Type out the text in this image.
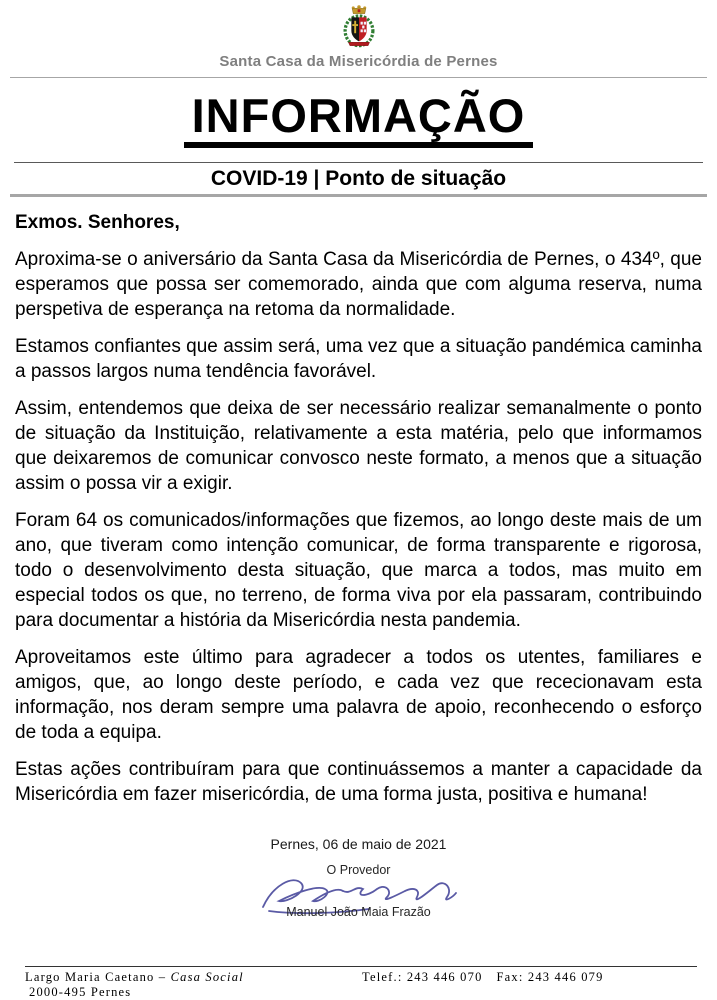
Santa Casa da Misericórdia de Pernes
INFORMAÇÃO
COVID-19 | Ponto de situação

Exmos. Senhores,

Aproxima-se o aniversário da Santa Casa da Misericórdia de Pernes, o 434º, que esperamos que possa ser comemorado, ainda que com alguma reserva, numa perspetiva de esperança na retoma da normalidade.

Estamos confiantes que assim será, uma vez que a situação pandémica caminha a passos largos numa tendência favorável.

Assim, entendemos que deixa de ser necessário realizar semanalmente o ponto de situação da Instituição, relativamente a esta matéria, pelo que informamos que deixaremos de comunicar convosco neste formato, a menos que a situação assim o possa vir a exigir.

Foram 64 os comunicados/informações que fizemos, ao longo deste mais de um ano, que tiveram como intenção comunicar, de forma transparente e rigorosa, todo o desenvolvimento desta situação, que marca a todos, mas muito em especial todos os que, no terreno, de forma viva por ela passaram, contribuindo para documentar a história da Misericórdia nesta pandemia.

Aproveitamos este último para agradecer a todos os utentes, familiares e amigos, que, ao longo deste período, e cada vez que rececionavam esta informação, nos deram sempre uma palavra de apoio, reconhecendo o esforço de toda a equipa.

Estas ações contribuíram para que continuássemos a manter a capacidade da Misericórdia em fazer misericórdia, de uma forma justa, positiva e humana!

Pernes, 06 de maio de 2021
O Provedor
Manuel João Maia Frazão
Largo Maria Caetano – Casa Social
2000-495 Pernes
Telef.: 243 446 070 Fax: 243 446 079
